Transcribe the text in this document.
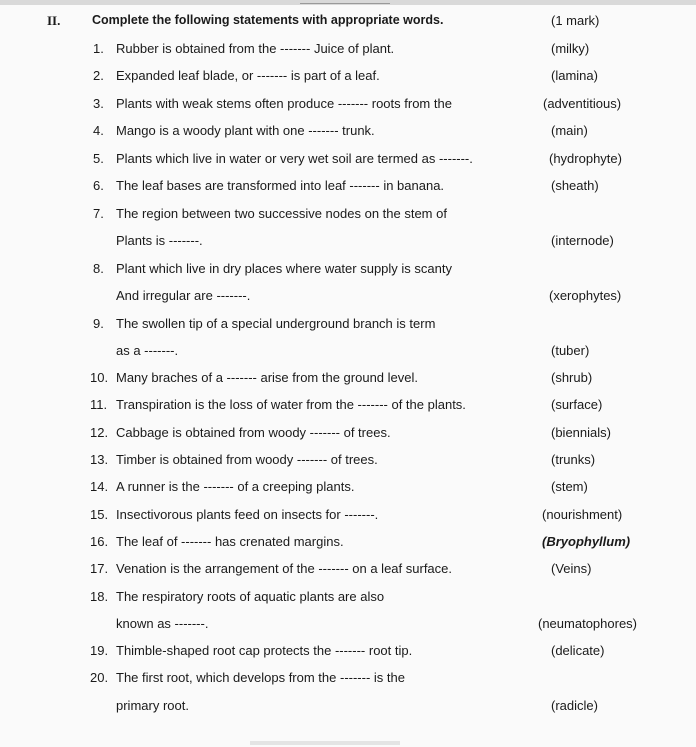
II.	Complete the following statements with appropriate words.	(1 mark)
1. Rubber is obtained from the ------- Juice of plant.	(milky)
2. Expanded leaf blade, or ------- is part of a leaf.	(lamina)
3. Plants with weak stems often produce ------- roots from the	(adventitious)
4. Mango is a woody plant with one ------- trunk.	(main)
5. Plants which live in water or very wet soil are termed as -------.	(hydrophyte)
6. The leaf bases are transformed into leaf ------- in banana.	(sheath)
7. The region between two successive nodes on the stem of
Plants is -------.	(internode)
8. Plant which live in dry places where water supply is scanty
And irregular are -------.	(xerophytes)
9. The swollen tip of a special underground branch is term
as a -------.	(tuber)
10. Many braches of a ------- arise from the ground level.	(shrub)
11. Transpiration is the loss of water from the ------- of the plants.	(surface)
12. Cabbage is obtained from woody ------- of trees.	(biennials)
13. Timber is obtained from woody ------- of trees.	(trunks)
14. A runner is the ------- of a creeping plants.	(stem)
15. Insectivorous plants feed on insects for -------.	(nourishment)
16. The leaf of ------- has crenated margins.	(Bryophyllum)
17. Venation is the arrangement of the ------- on a leaf surface.	(Veins)
18. The respiratory roots of aquatic plants are also
known as -------.	(neumatophores)
19. Thimble-shaped root cap protects the ------- root tip.	(delicate)
20. The first root, which develops from the ------- is the
primary root.	(radicle)
